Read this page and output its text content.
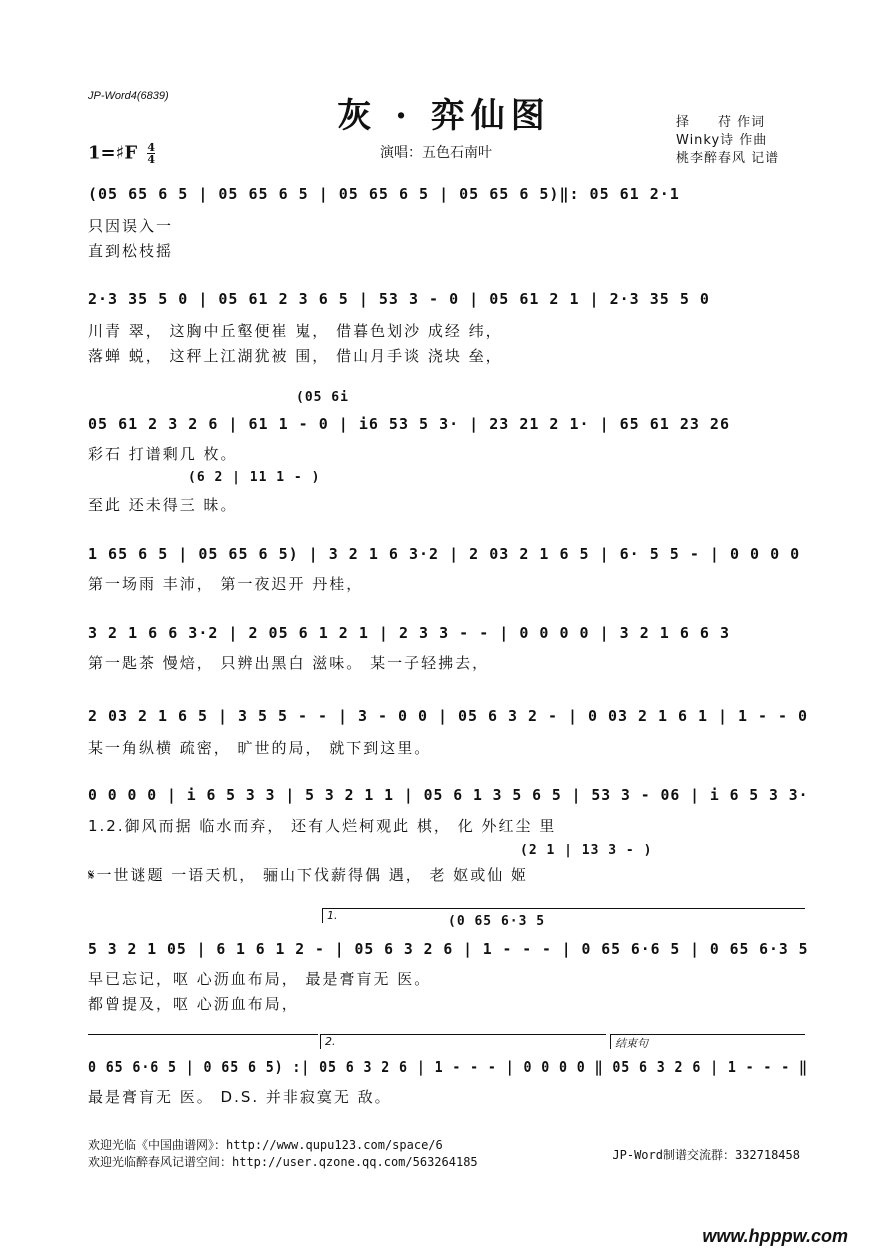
JP-Word4(6839)	灰 · 弈仙图
1=♯F $\frac{4}{4}$	演唱：五色石南叶
择　　苻 作词
Winky诗 作曲
桃李醉春风 记谱
(05 65 6 5 | 05 65 6 5 | 05 65 6 5 | 05 65 6 5)‖: 05 61 2·1
只因误入一
直到松枝摇
2·3 35 5 0 | 05 61 2 3 6 5 | 53 3 - 0 | 05 61 2 1 | 2·3 35 5 0
川青 翠， 这胸中丘壑便崔 嵬， 借暮色划沙 成经 纬，
落蝉 蜕， 这秤上江湖犹被 围， 借山月手谈 浇块 垒，
(05 6i
05 61 2 3 2 6 | 61 1 - 0 | i6 53 5 3· | 23 21 2 1· | 65 61 23 26
彩石 打谱剩几 枚。
(6 2 | 11 1 - )
至此 还未得三 昧。
1 65 6 5 | 05 65 6 5) | 3 2 1 6 3·2 | 2 03 2 1 6 5 | 6· 5 5 - | 0 0 0 0
第一场雨 丰沛， 第一夜迟开 丹桂，
3 2 1 6 6 3·2 | 2 05 6 1 2 1 | 2 3 3 - - | 0 0 0 0 | 3 2 1 6 6 3
第一匙茶 慢焙， 只辨出黑白 滋味。 某一子轻拂去，
2 03 2 1 6 5 | 3 5 5 - - | 3 - 0 0 | 05 6 3 2 - | 0 03 2 1 6 1 | 1 - - 0
某一角纵横 疏密， 旷世的局， 就下到这里。
0 0 0 0 | i 6 5 3 3 | 5 3 2 1 1 | 05 6 1 3 5 6 5 | 53 3 - 06 | i 6 5 3 3·
1.2.御风而据 临水而弃， 还有人烂柯观此 棋， 化 外红尘 里
(2 1 | 13 3 - )
𝄋一世谜题 一语天机， 骊山下伐薪得偶 遇， 老 妪或仙 姬
1.	(0 65 6·3 5
5 3 2 1 05 | 6 1 6 1 2 - | 05 6 3 2 6 | 1 - - - | 0 65 6·6 5 | 0 65 6·3 5
早已忘记，呕 心沥血布局， 最是膏肓无 医。
都曾提及，呕 心沥血布局，
2.	结束句
0 65 6·6 5 | 0 65 6 5) :| 05 6 3 2 6 | 1 - - - | 0 0 0 0 ‖ 05 6 3 2 6 | 1 - - - ‖
最是膏肓无 医。 D.S. 并非寂寞无 敌。
欢迎光临《中国曲谱网》：http://www.qupu123.com/space/6
欢迎光临醉春风记谱空间：http://user.qzone.qq.com/563264185	JP-Word制谱交流群：332718458
www.hpppw.com
